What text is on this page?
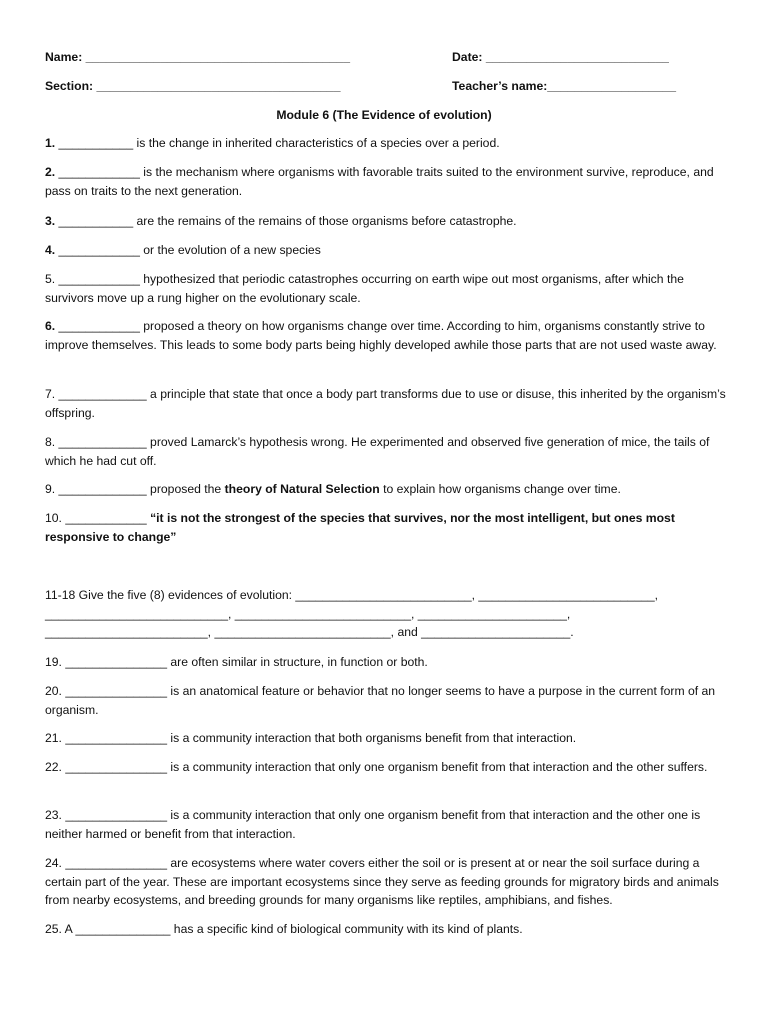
Name: _______________________________________	Date: ___________________________
Section: ____________________________________	Teacher’s name:___________________
Module 6 (The Evidence of evolution)
1. ___________ is the change in inherited characteristics of a species over a period.
2. ____________ is the mechanism where organisms with favorable traits suited to the environment survive, reproduce, and pass on traits to the next generation.
3. ___________ are the remains of the remains of those organisms before catastrophe.
4. ____________ or the evolution of a new species
5. ____________ hypothesized that periodic catastrophes occurring on earth wipe out most organisms, after which the survivors move up a rung higher on the evolutionary scale.
6. ____________ proposed a theory on how organisms change over time. According to him, organisms constantly strive to improve themselves. This leads to some body parts being highly developed awhile those parts that are not used waste away.
7. _____________ a principle that state that once a body part transforms due to use or disuse, this inherited by the organism’s offspring.
8. _____________ proved Lamarck’s hypothesis wrong. He experimented and observed five generation of mice, the tails of which he had cut off.
9. _____________ proposed the theory of Natural Selection to explain how organisms change over time.
10. ____________ “it is not the strongest of the species that survives, nor the most intelligent, but ones most responsive to change”
11-18 Give the five (8) evidences of evolution: __________________________, __________________________, ___________________________, __________________________, ______________________, ________________________, __________________________, and ______________________.
19. _______________ are often similar in structure, in function or both.
20. _______________ is an anatomical feature or behavior that no longer seems to have a purpose in the current form of an organism.
21. _______________ is a community interaction that both organisms benefit from that interaction.
22. _______________ is a community interaction that only one organism benefit from that interaction and the other suffers.
23. _______________ is a community interaction that only one organism benefit from that interaction and the other one is neither harmed or benefit from that interaction.
24. _______________ are ecosystems where water covers either the soil or is present at or near the soil surface during a certain part of the year. These are important ecosystems since they serve as feeding grounds for migratory birds and animals from nearby ecosystems, and breeding grounds for many organisms like reptiles, amphibians, and fishes.
25. A ______________ has a specific kind of biological community with its kind of plants.
